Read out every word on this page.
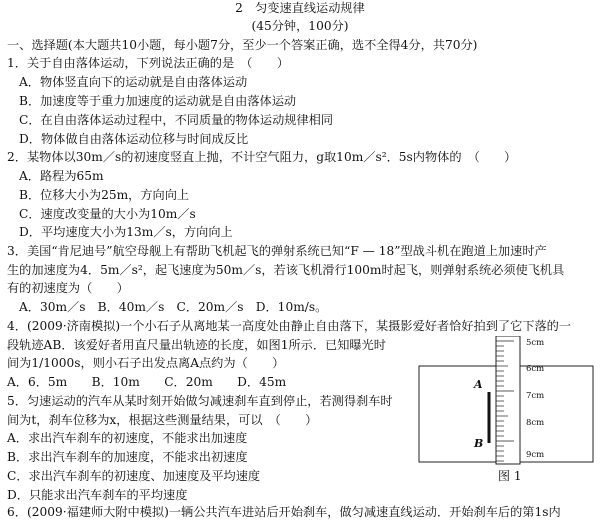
2　匀变速直线运动规律
(45分钟，100分)
一、选择题(本大题共10小题，每小题7分，至少一个答案正确，选不全得4分，共70分)
1．关于自由落体运动，下列说法正确的是　（　　）
A．物体竖直向下的运动就是自由落体运动
B．加速度等于重力加速度的运动就是自由落体运动
C．在自由落体运动过程中，不同质量的物体运动规律相同
D．物体做自由落体运动位移与时间成反比
2．某物体以30m／s的初速度竖直上抛，不计空气阻力，g取10m／s²．5s内物体的　（　　）
A．路程为65m
B．位移大小为25m，方向向上
C．速度改变量的大小为10m／s
D．平均速度大小为13m／s，方向向上
3．美国“肯尼迪号”航空母舰上有帮助飞机起飞的弹射系统已知“F — 18”型战斗机在跑道上加速时产
生的加速度为4．5m／s²，起飞速度为50m／s，若该飞机滑行100m时起飞，则弹射系统必须使飞机具
有的初速度为（　　）
A．30m／s　B．40m／s　C．20m／s　D．10m/s。
4．(2009·济南模拟)一个小石子从离地某一高度处由静止自由落下，某摄影爱好者恰好拍到了它下落的一
段轨迹AB．该爱好者用直尺量出轨迹的长度，如图1所示．已知曝光时
间为1/1000s，则小石子出发点离A点约为（　　）
A．6．5m　　B．10m　　C．20m　　D．45m
5．匀速运动的汽车从某时刻开始做匀减速刹车直到停止，若测得刹车时
间为t，刹车位移为x，根据这些测量结果，可以　（　　）
A．求出汽车刹车的初速度，不能求出加速度
B．求出汽车刹车的加速度，不能求出初速度
C．求出汽车刹车的初速度、加速度及平均速度
D．只能求出汽车刹车的平均速度
6．(2009·福建师大附中模拟)一辆公共汽车进站后开始刹车，做匀减速直线运动．开始刹车后的第1s内
5cm
6cm
7cm
8cm
9cm
A
B
图 1
